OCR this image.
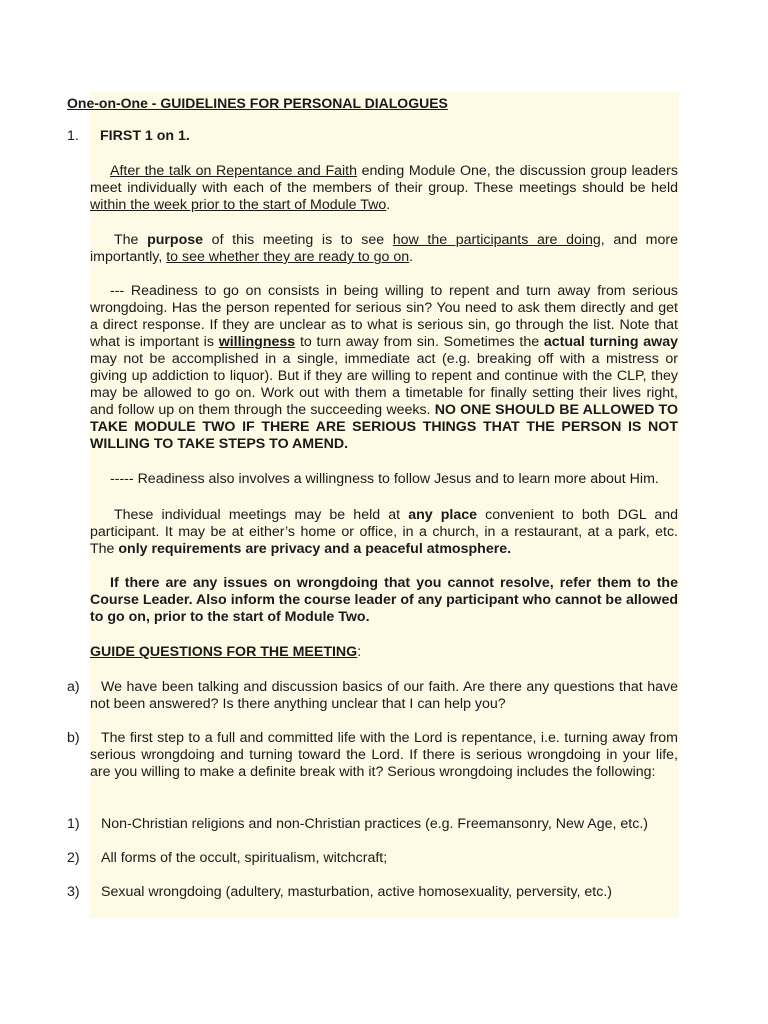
One-on-One - GUIDELINES FOR PERSONAL DIALOGUES
1. FIRST 1 on 1.
After the talk on Repentance and Faith ending Module One, the discussion group leaders meet individually with each of the members of their group. These meetings should be held within the week prior to the start of Module Two.
The purpose of this meeting is to see how the participants are doing, and more importantly, to see whether they are ready to go on.
--- Readiness to go on consists in being willing to repent and turn away from serious wrongdoing. Has the person repented for serious sin? You need to ask them directly and get a direct response. If they are unclear as to what is serious sin, go through the list. Note that what is important is willingness to turn away from sin. Sometimes the actual turning away may not be accomplished in a single, immediate act (e.g. breaking off with a mistress or giving up addiction to liquor). But if they are willing to repent and continue with the CLP, they may be allowed to go on. Work out with them a timetable for finally setting their lives right, and follow up on them through the succeeding weeks. NO ONE SHOULD BE ALLOWED TO TAKE MODULE TWO IF THERE ARE SERIOUS THINGS THAT THE PERSON IS NOT WILLING TO TAKE STEPS TO AMEND.
----- Readiness also involves a willingness to follow Jesus and to learn more about Him.
These individual meetings may be held at any place convenient to both DGL and participant. It may be at either’s home or office, in a church, in a restaurant, at a park, etc. The only requirements are privacy and a peaceful atmosphere.
If there are any issues on wrongdoing that you cannot resolve, refer them to the Course Leader. Also inform the course leader of any participant who cannot be allowed to go on, prior to the start of Module Two.
GUIDE QUESTIONS FOR THE MEETING:
a)	We have been talking and discussion basics of our faith. Are there any questions that have not been answered? Is there anything unclear that I can help you?
b)	The first step to a full and committed life with the Lord is repentance, i.e. turning away from serious wrongdoing and turning toward the Lord. If there is serious wrongdoing in your life, are you willing to make a definite break with it? Serious wrongdoing includes the following:
1)	Non-Christian religions and non-Christian practices (e.g. Freemansonry, New Age, etc.)
2)	All forms of the occult, spiritualism, witchcraft;
3)	Sexual wrongdoing (adultery, masturbation, active homosexuality, perversity, etc.)
